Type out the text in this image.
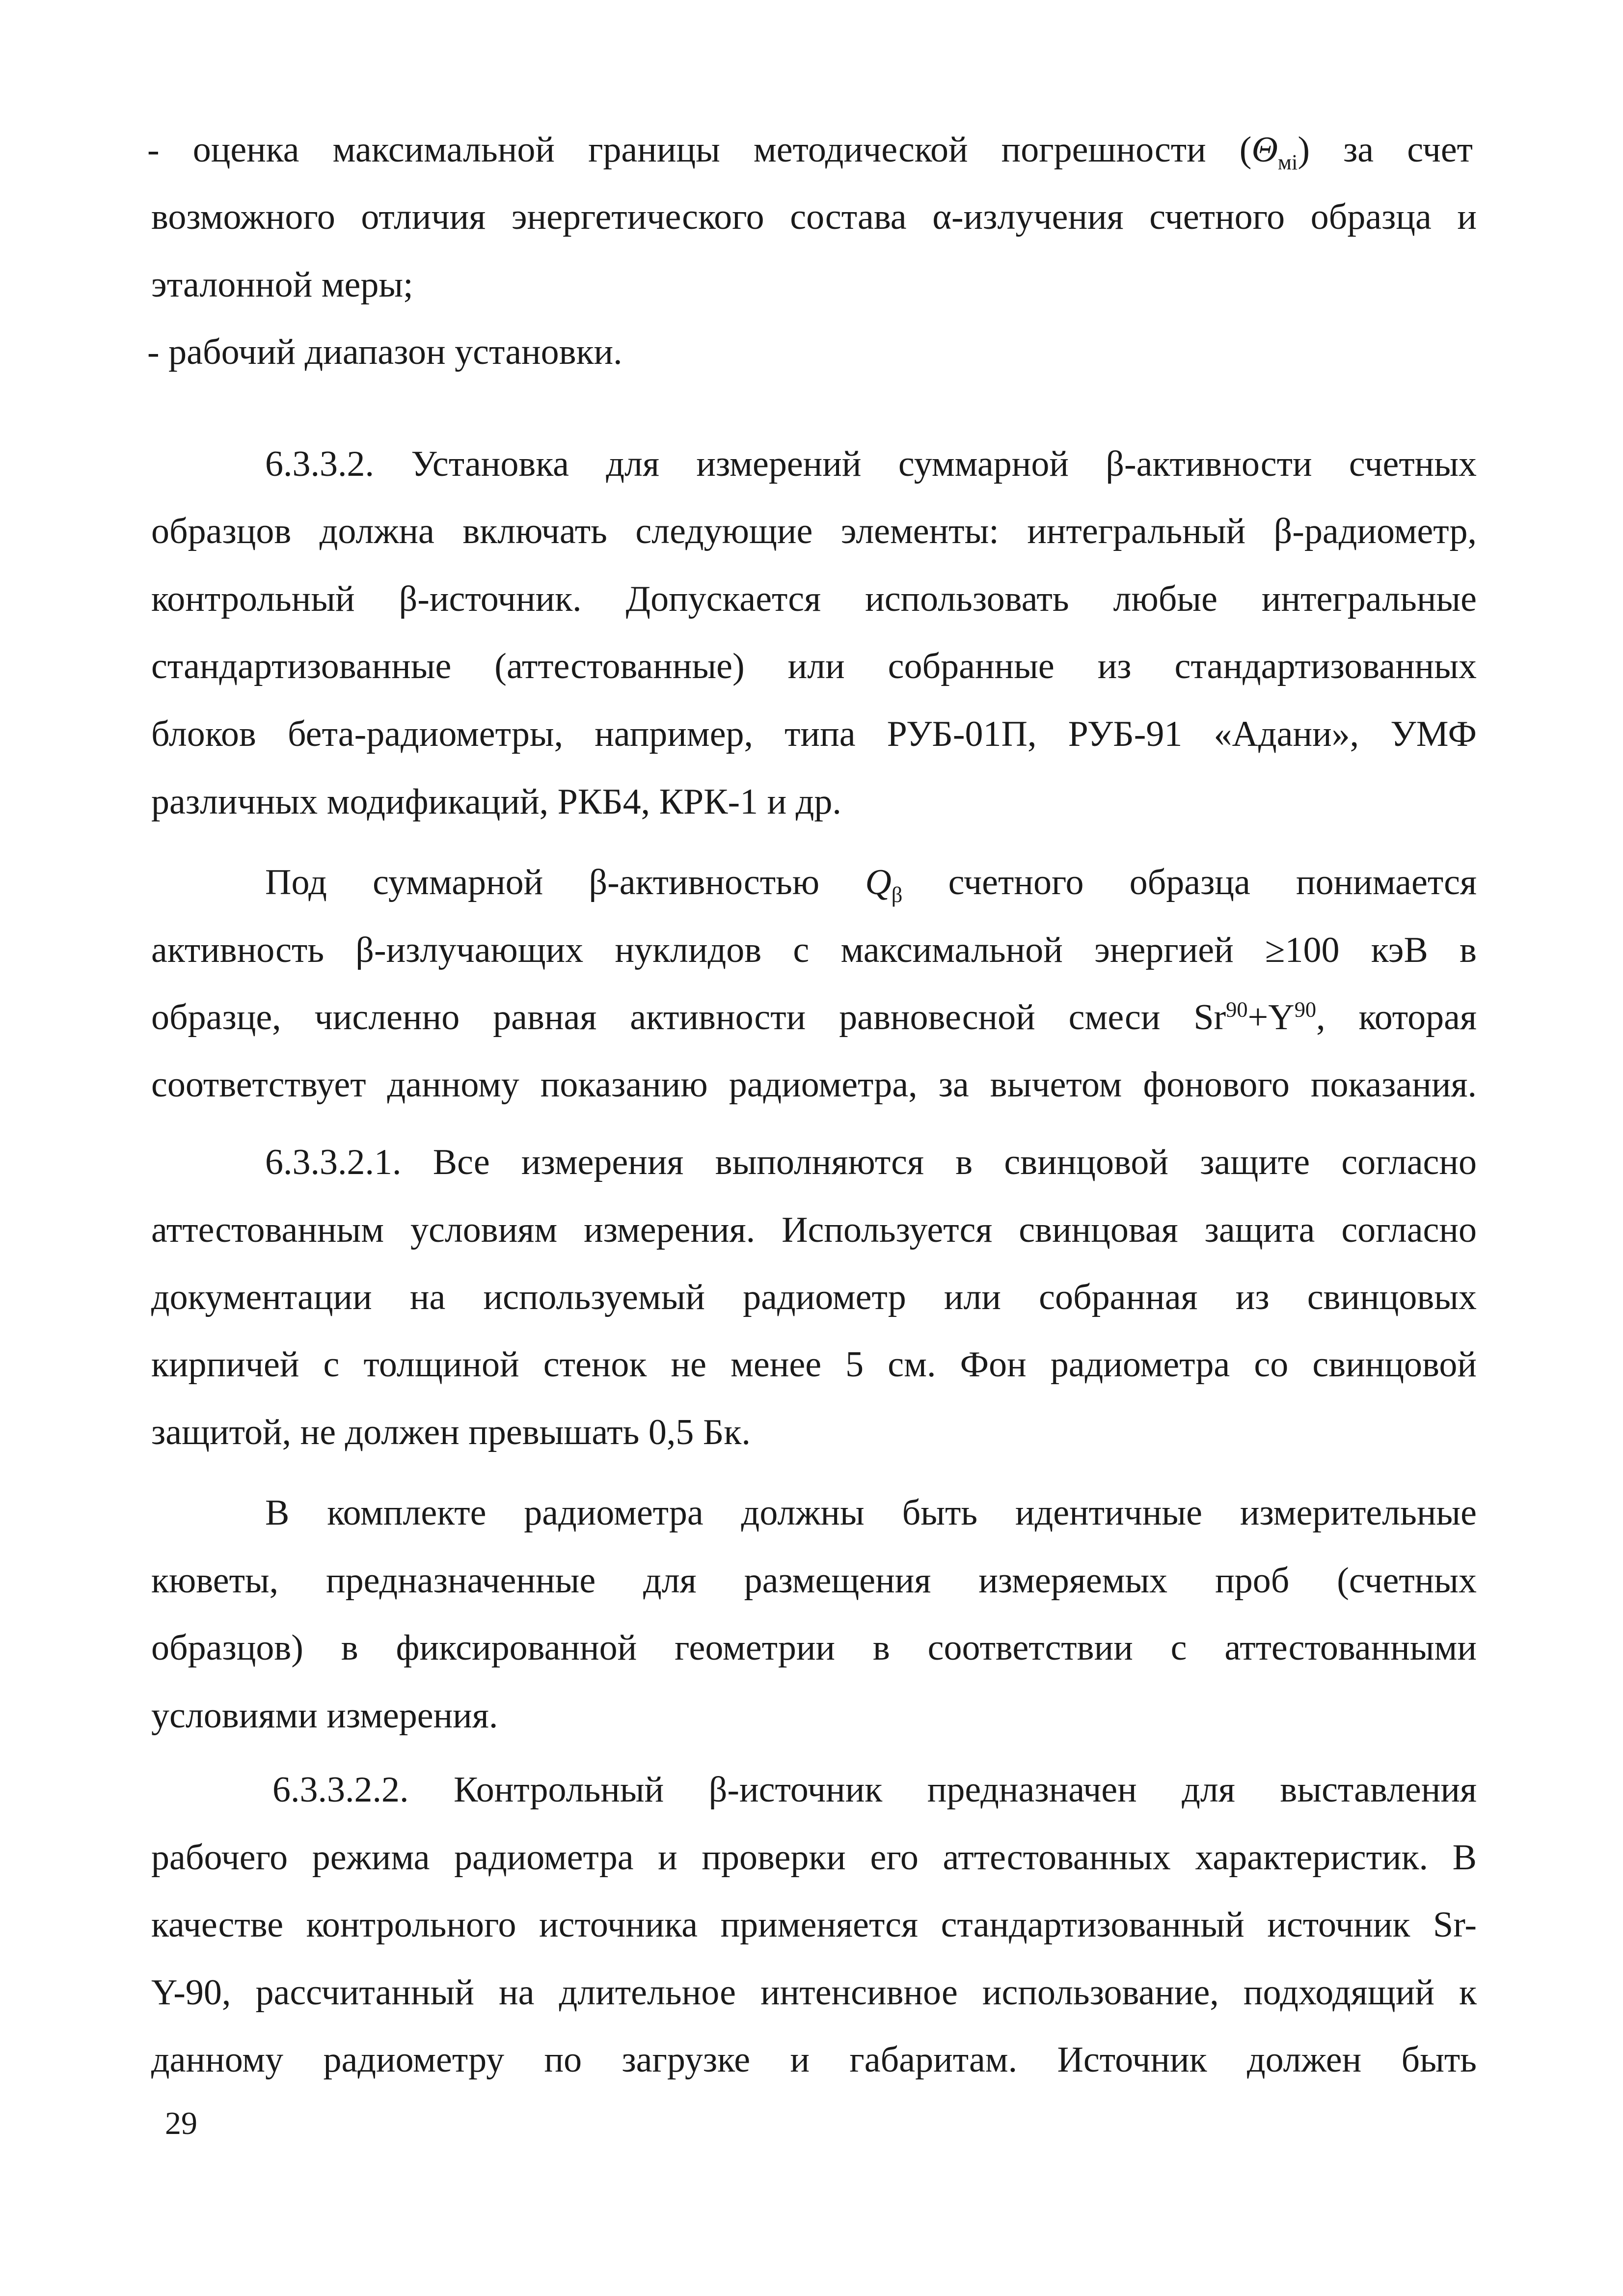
- оценка максимальной границы методической погрешности $(\Theta_{мі})$ за счет
возможного отличия энергетического состава α-излучения счетного образца и
эталонной меры;
- рабочий диапазон установки.
6.3.3.2. Установка для измерений суммарной β-активности счетных
образцов должна включать следующие элементы: интегральный β-радиометр,
контрольный β-источник. Допускается использовать любые интегральные
стандартизованные (аттестованные) или собранные из стандартизованных
блоков бета-радиометры, например, типа РУБ-01П, РУБ-91 «Адани», УМФ
различных модификаций, РКБ4, КРК-1 и др.
Под суммарной β-активностью $Q_\beta$ счетного образца понимается
активность β-излучающих нуклидов с максимальной энергией ≥100 кэВ в
образце, численно равная активности равновесной смеси $Sr^{90}+Y^{90}$, которая
соответствует данному показанию радиометра, за вычетом фонового показания.
6.3.3.2.1. Все измерения выполняются в свинцовой защите согласно
аттестованным условиям измерения. Используется свинцовая защита согласно
документации на используемый радиометр или собранная из свинцовых
кирпичей с толщиной стенок не менее 5 см. Фон радиометра со свинцовой
защитой, не должен превышать 0,5 Бк.
В комплекте радиометра должны быть идентичные измерительные
кюветы, предназначенные для размещения измеряемых проб (счетных
образцов) в фиксированной геометрии в соответствии с аттестованными
условиями измерения.
6.3.3.2.2. Контрольный β-источник предназначен для выставления
рабочего режима радиометра и проверки его аттестованных характеристик. В
качестве контрольного источника применяется стандартизованный источник Sr-
Y-90, рассчитанный на длительное интенсивное использование, подходящий к
данному радиометру по загрузке и габаритам. Источник должен быть
29
